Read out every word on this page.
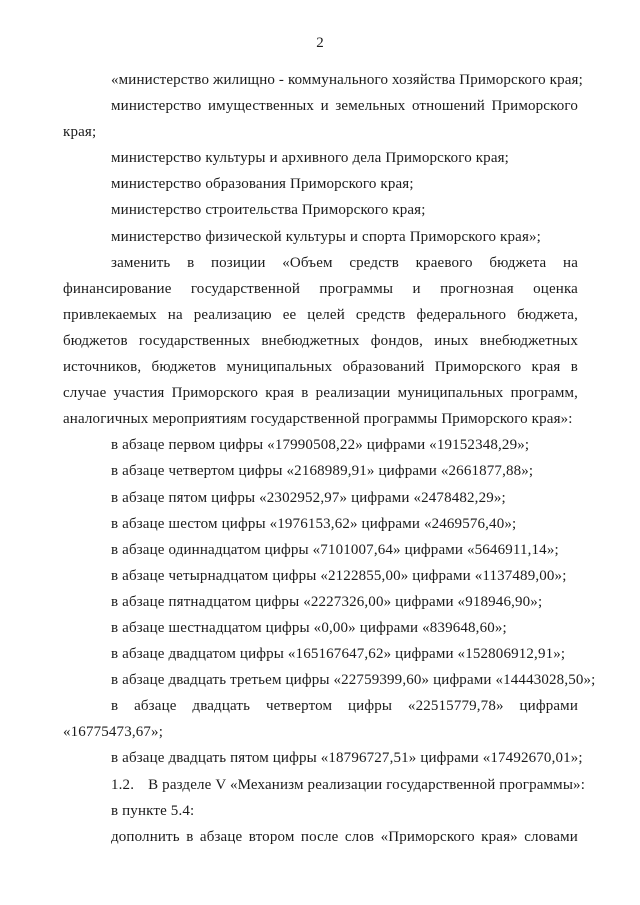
2
«министерство жилищно - коммунального хозяйства Приморского края;
министерство имущественных и земельных отношений Приморского
края;
министерство культуры и архивного дела Приморского края;
министерство образования Приморского края;
министерство строительства Приморского края;
министерство физической культуры и спорта Приморского края»;
заменить в позиции «Объем средств краевого бюджета на
финансирование государственной программы и прогнозная оценка
привлекаемых на реализацию ее целей средств федерального бюджета,
бюджетов государственных внебюджетных фондов, иных внебюджетных
источников, бюджетов муниципальных образований Приморского края в
случае участия Приморского края в реализации муниципальных программ,
аналогичных мероприятиям государственной программы Приморского края»:
в абзаце первом цифры «17990508,22» цифрами «19152348,29»;
в абзаце четвертом цифры «2168989,91» цифрами «2661877,88»;
в абзаце пятом цифры «2302952,97» цифрами «2478482,29»;
в абзаце шестом цифры «1976153,62» цифрами «2469576,40»;
в абзаце одиннадцатом цифры «7101007,64» цифрами «5646911,14»;
в абзаце четырнадцатом цифры «2122855,00» цифрами «1137489,00»;
в абзаце пятнадцатом цифры «2227326,00» цифрами «918946,90»;
в абзаце шестнадцатом цифры «0,00» цифрами «839648,60»;
в абзаце двадцатом цифры «165167647,62» цифрами «152806912,91»;
в абзаце двадцать третьем цифры «22759399,60» цифрами «14443028,50»;
в абзаце двадцать четвертом цифры «22515779,78» цифрами
«16775473,67»;
в абзаце двадцать пятом цифры «18796727,51» цифрами «17492670,01»;
1.2. В разделе V «Механизм реализации государственной программы»:
в пункте 5.4:
дополнить в абзаце втором после слов «Приморского края» словами
